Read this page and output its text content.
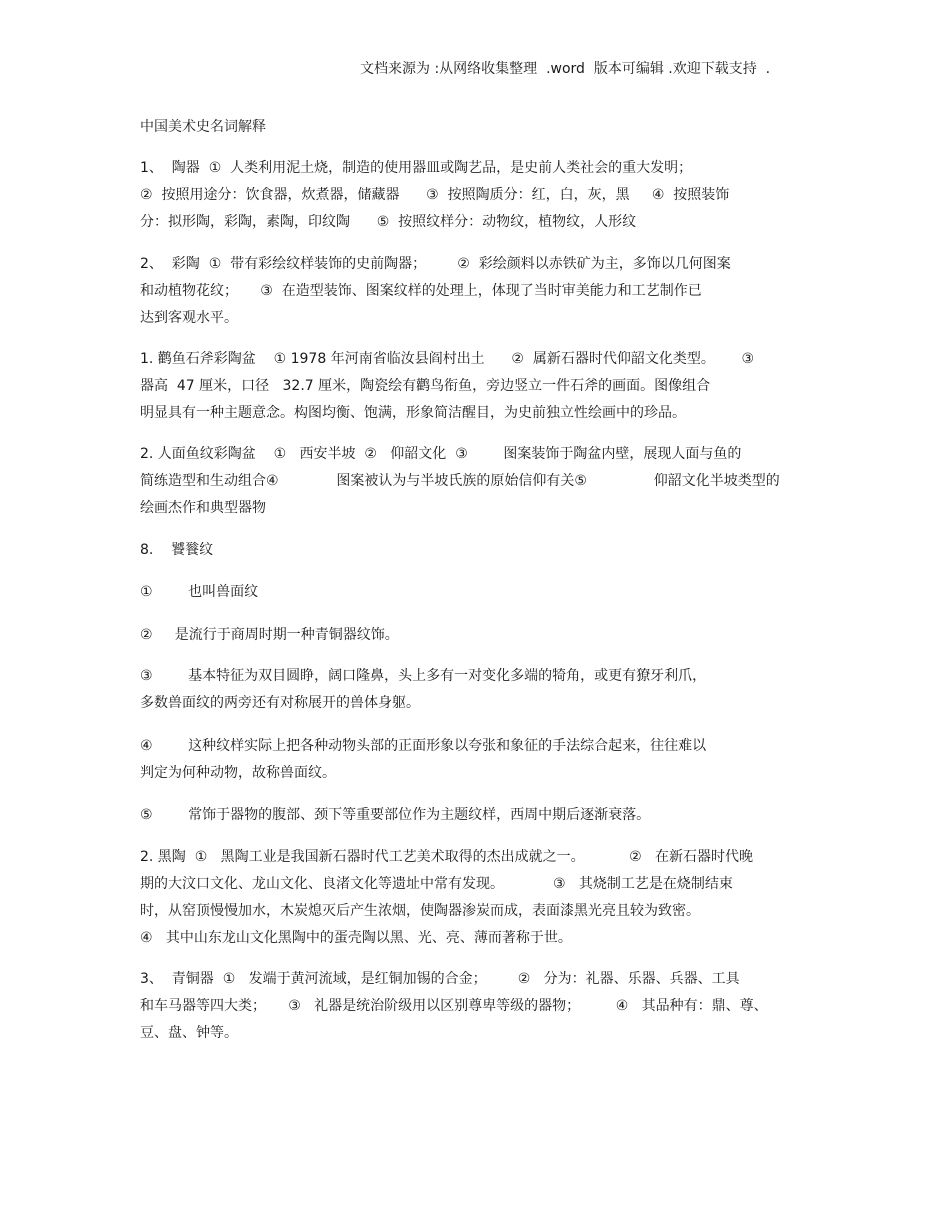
文档来源为 :从网络收集整理  .word  版本可编辑 .欢迎下载支持  .
中国美术史名词解释
1、  陶器  ①  人类利用泥土烧，制造的使用器皿或陶艺品，是史前人类社会的重大发明；
②  按照用途分：饮食器，炊煮器，储藏器      ③  按照陶质分：红，白，灰，黑     ④  按照装饰
分：拟形陶，彩陶，素陶，印纹陶      ⑤  按照纹样分：动物纹，植物纹，人形纹
2、  彩陶  ①  带有彩绘纹样装饰的史前陶器；       ②  彩绘颜料以赤铁矿为主，多饰以几何图案
和动植物花纹；     ③  在造型装饰、图案纹样的处理上，体现了当时审美能力和工艺制作已
达到客观水平。
1. 鹳鱼石斧彩陶盆    ① 1978 年河南省临汝县阎村出土      ②  属新石器时代仰韶文化类型。      ③
器高  47 厘米，口径   32.7 厘米，陶瓷绘有鹳鸟衔鱼，旁边竖立一件石斧的画面。图像组合
明显具有一种主题意念。构图均衡、饱满，形象简洁醒目，为史前独立性绘画中的珍品。
2. 人面鱼纹彩陶盆    ①   西安半坡  ②   仰韶文化  ③        图案装饰于陶盆内壁，展现人面与鱼的
简练造型和生动组合④             图案被认为与半坡氏族的原始信仰有关⑤               仰韶文化半坡类型的
绘画杰作和典型器物
8.    饕餮纹
①        也叫兽面纹
②     是流行于商周时期一种青铜器纹饰。
③        基本特征为双目圆睁，阔口隆鼻，头上多有一对变化多端的犄角，或更有獠牙利爪，
多数兽面纹的两旁还有对称展开的兽体身躯。
④        这种纹样实际上把各种动物头部的正面形象以夸张和象征的手法综合起来，往往难以
判定为何种动物，故称兽面纹。
⑤        常饰于器物的腹部、颈下等重要部位作为主题纹样，西周中期后逐渐衰落。
2. 黑陶  ①   黑陶工业是我国新石器时代工艺美术取得的杰出成就之一。          ②   在新石器时代晚
期的大汶口文化、龙山文化、良渚文化等遗址中常有发现。           ③   其烧制工艺是在烧制结束
时，从窑顶慢慢加水，木炭熄灭后产生浓烟，使陶器渗炭而成，表面漆黑光亮且较为致密。
④   其中山东龙山文化黑陶中的蛋壳陶以黑、光、亮、薄而著称于世。
3、  青铜器  ①   发端于黄河流域，是红铜加锡的合金；       ②   分为：礼器、乐器、兵器、工具
和车马器等四大类；     ③   礼器是统治阶级用以区别尊卑等级的器物；        ④   其品种有：鼎、尊、
豆、盘、钟等。
